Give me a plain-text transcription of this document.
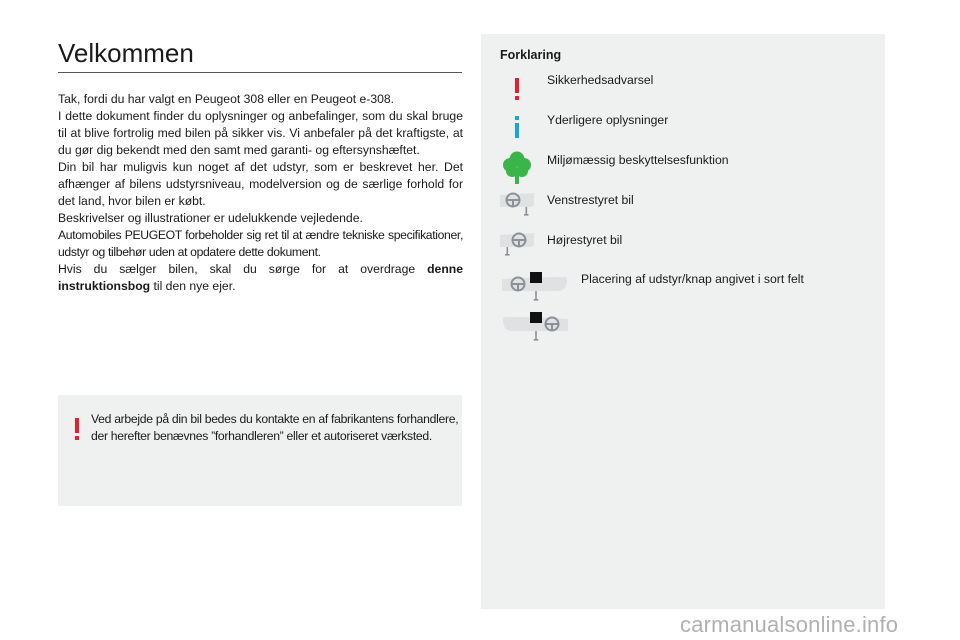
Velkommen

Tak, fordi du har valgt en Peugeot 308 eller en Peugeot e-308.

I dette dokument finder du oplysninger og anbefalinger, som du skal bruge til at blive fortrolig med bilen på sikker vis. Vi anbefaler på det kraftigste, at du gør dig bekendt med den samt med garanti- og eftersynshæftet.

Din bil har muligvis kun noget af det udstyr, som er beskrevet her. Det afhænger af bilens udstyrsniveau, modelversion og de særlige forhold for det land, hvor bilen er købt.

Beskrivelser og illustrationer er udelukkende vejledende.

Automobiles PEUGEOT forbeholder sig ret til at ændre tekniske specifikationer, udstyr og tilbehør uden at opdatere dette dokument.

Hvis du sælger bilen, skal du sørge for at overdrage denne instruktionsbog til den nye ejer.

Ved arbejde på din bil bedes du kontakte en af fabrikantens forhandlere, der herefter benævnes ”forhandleren” eller et autoriseret værksted.
Forklaring
Sikkerhedsadvarsel
Yderligere oplysninger
Miljømæssig beskyttelsesfunktion
Venstrestyret bil
Højrestyret bil
Placering af udstyr/knap angivet i sort felt
carmanualsonline.info
